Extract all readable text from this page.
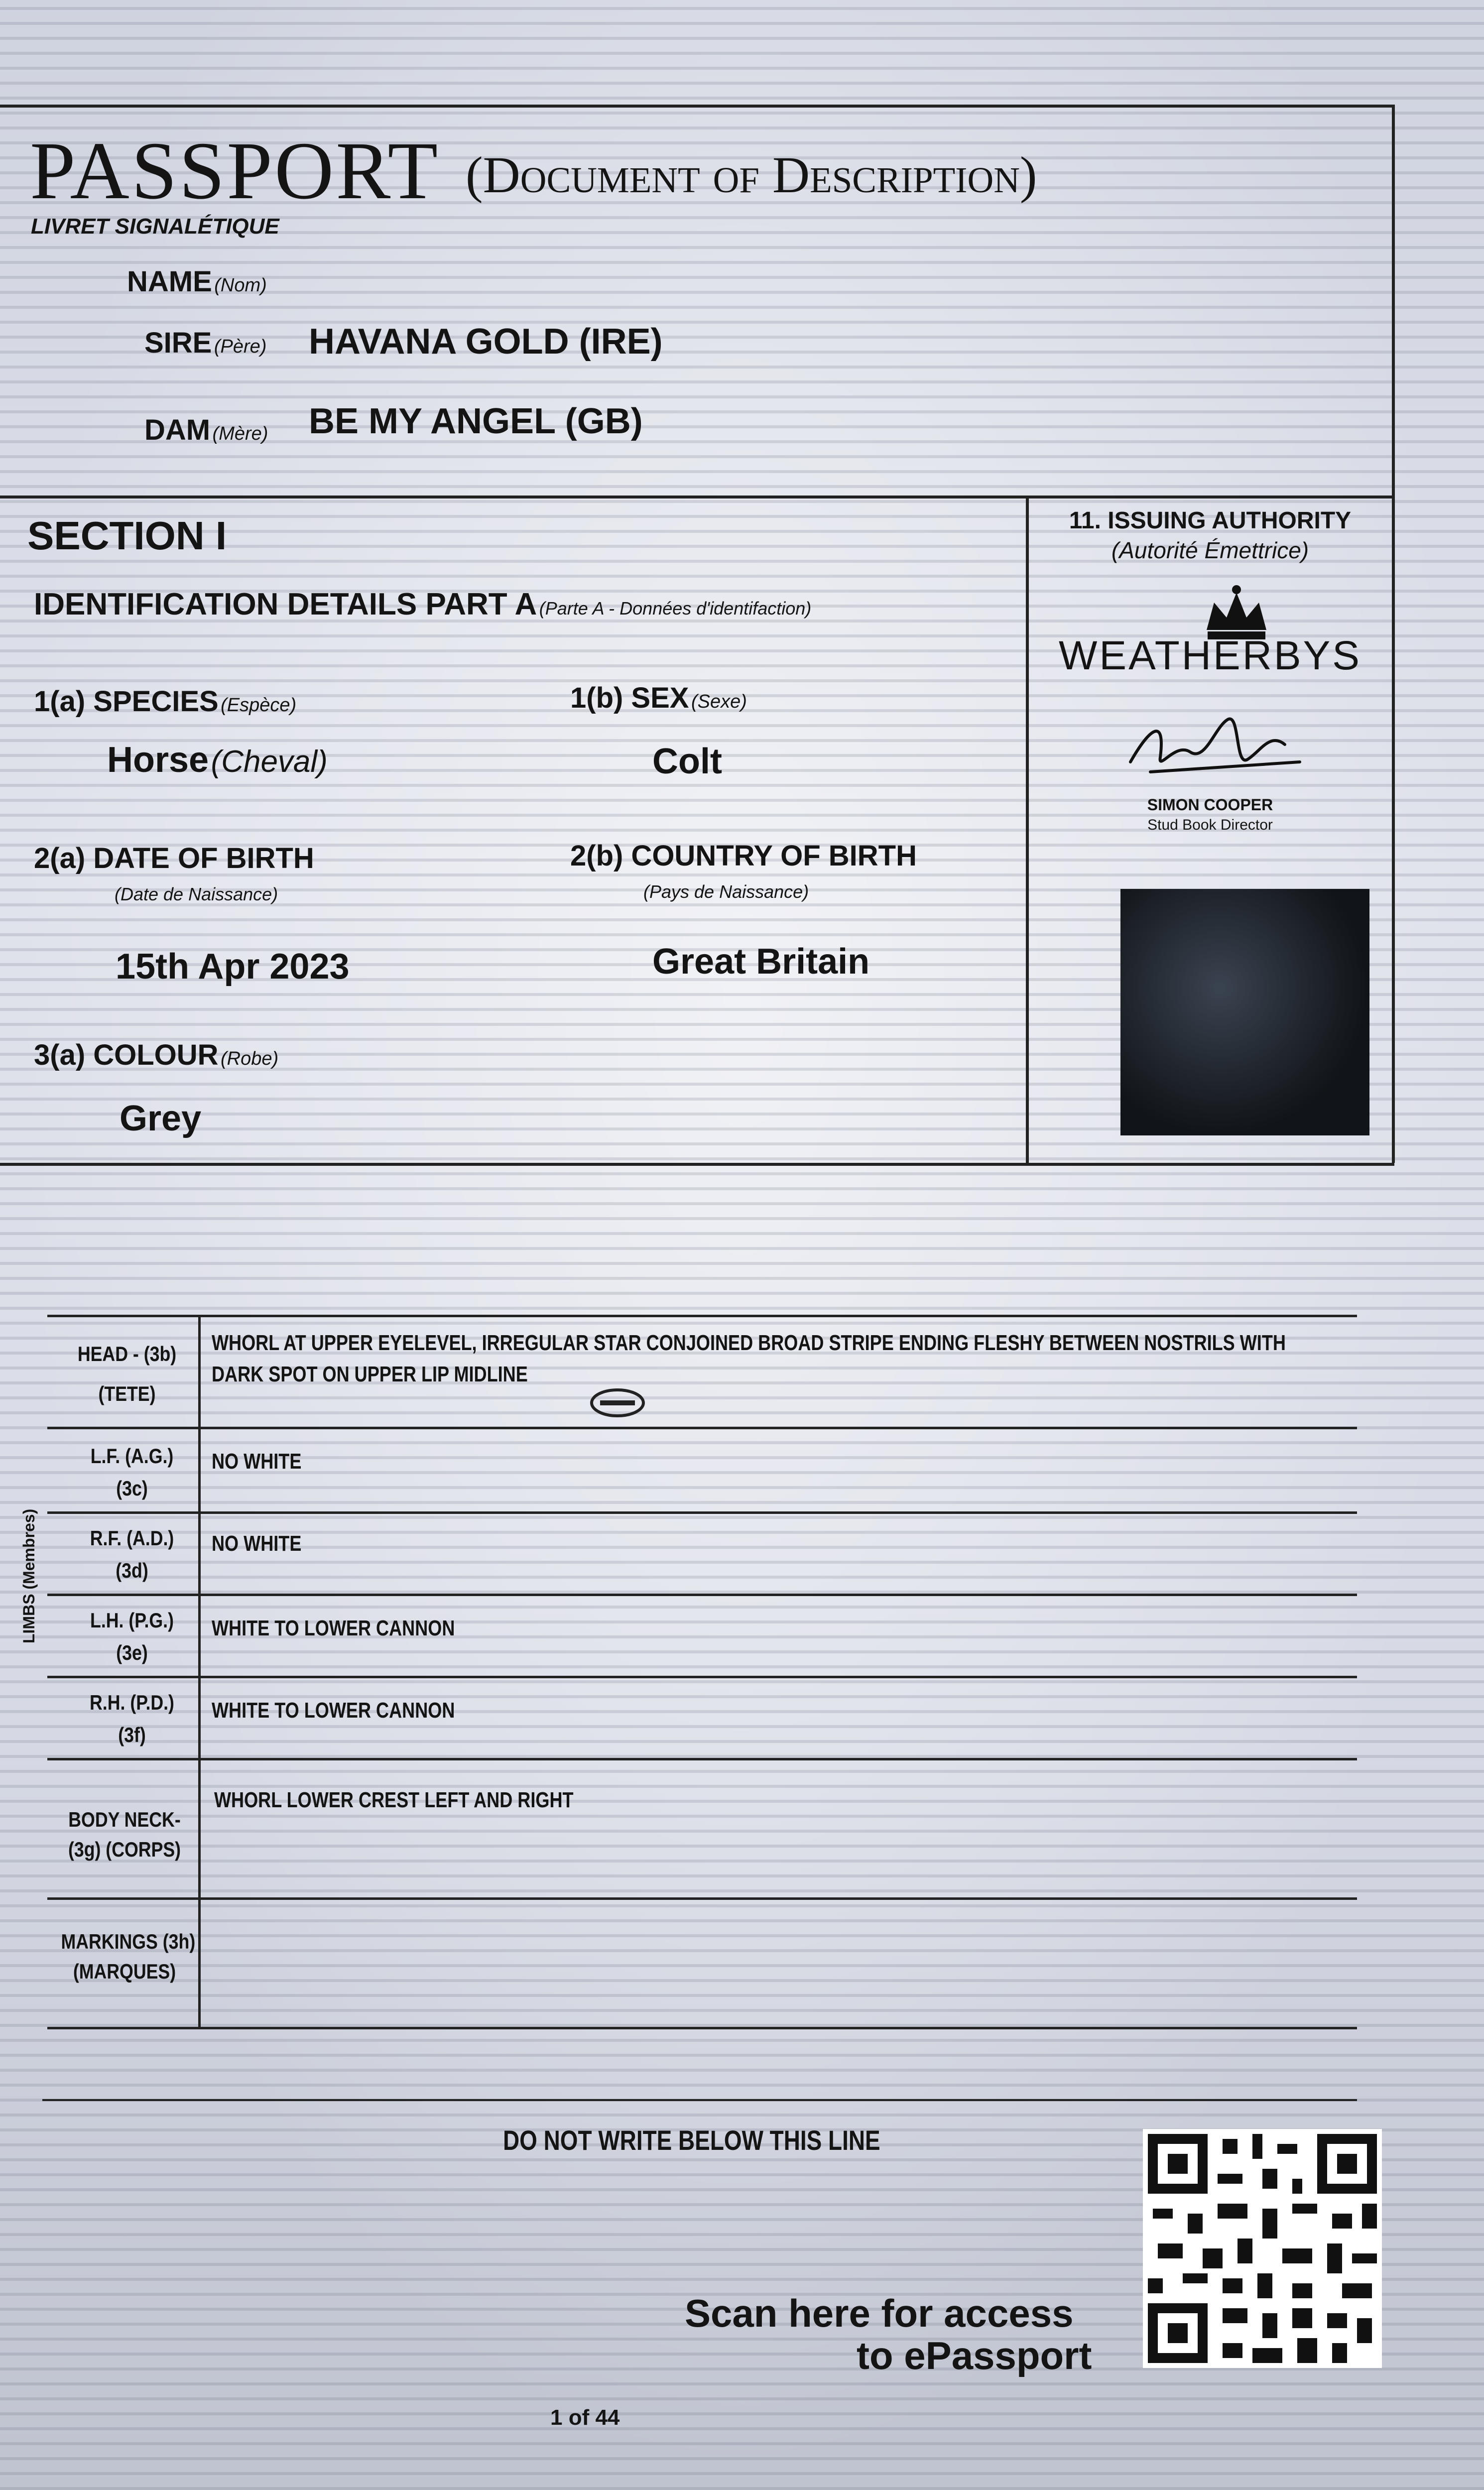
PASSPORT (Document of Description)
LIVRET SIGNALÉTIQUE
NAME (Nom)
SIRE (Père) HAVANA GOLD (IRE)
DAM (Mère) BE MY ANGEL (GB)
SECTION I
IDENTIFICATION DETAILS PART A (Parte A - Données d'identifaction)
1(a) SPECIES (Espèce)
Horse (Cheval)
1(b) SEX (Sexe)
Colt
2(a) DATE OF BIRTH
(Date de Naissance)
15th Apr 2023
2(b) COUNTRY OF BIRTH
(Pays de Naissance)
Great Britain
3(a) COLOUR (Robe)
Grey
11. ISSUING AUTHORITY
(Autorité Émettrice)
WEATHERBYS
SIMON COOPER
Stud Book Director
HEAD - (3b)
(TETE)
WHORL AT UPPER EYELEVEL, IRREGULAR STAR CONJOINED BROAD STRIPE ENDING FLESHY BETWEEN NOSTRILS WITH
DARK SPOT ON UPPER LIP MIDLINE
LIMBS (Membres)
L.F. (A.G.)
(3c)
NO WHITE
R.F. (A.D.)
(3d)
NO WHITE
L.H. (P.G.)
(3e)
WHITE TO LOWER CANNON
R.H. (P.D.)
(3f)
WHITE TO LOWER CANNON
BODY NECK-
(3g) (CORPS)
WHORL LOWER CREST LEFT AND RIGHT
MARKINGS (3h)
(MARQUES)
DO NOT WRITE BELOW THIS LINE
Scan here for access
to ePassport
1 of 44
